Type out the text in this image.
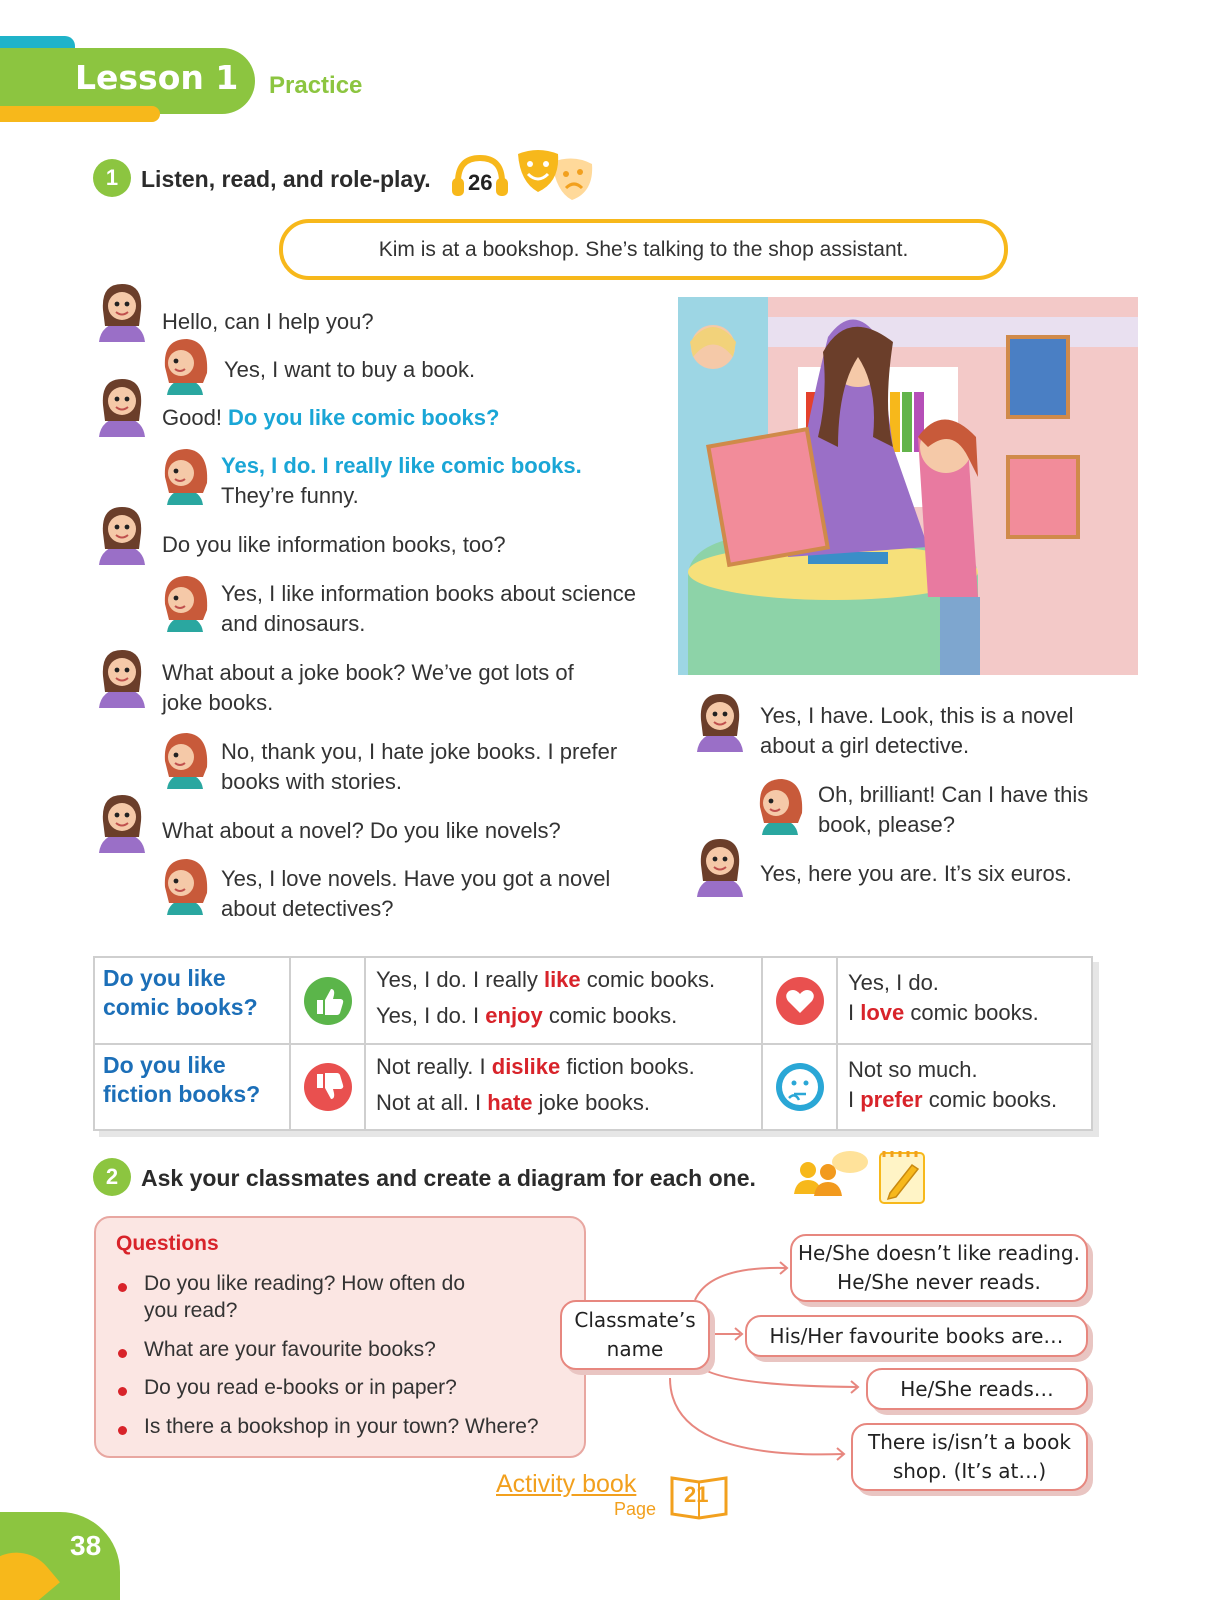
Lesson 1 Practice
1 Listen, read, and role-play. 26
Kim is at a bookshop. She’s talking to the shop assistant.
Hello, can I help you?
Yes, I want to buy a book.
Good! Do you like comic books?
Yes, I do. I really like comic books.
They’re funny.
Do you like information books, too?
Yes, I like information books about science
and dinosaurs.
What about a joke book? We’ve got lots of
joke books.
No, thank you, I hate joke books. I prefer
books with stories.
What about a novel? Do you like novels?
Yes, I love novels. Have you got a novel
about detectives?
Yes, I have. Look, this is a novel
about a girl detective.
Oh, brilliant! Can I have this
book, please?
Yes, here you are. It’s six euros.
Do you like
comic books?
Yes, I do. I really like comic books.
Yes, I do. I enjoy comic books.
Yes, I do.
I love comic books.
Do you like
fiction books?
Not really. I dislike fiction books.
Not at all. I hate joke books.
Not so much.
I prefer comic books.
2 Ask your classmates and create a diagram for each one.
Questions
Do you like reading? How often do
you read?
What are your favourite books?
Do you read e-books or in paper?
Is there a bookshop in your town? Where?
Classmate’s
name
He/She doesn’t like reading.
He/She never reads.
His/Her favourite books are…
He/She reads…
There is/isn’t a book
shop. (It’s at…)
Activity book
Page
21
38
